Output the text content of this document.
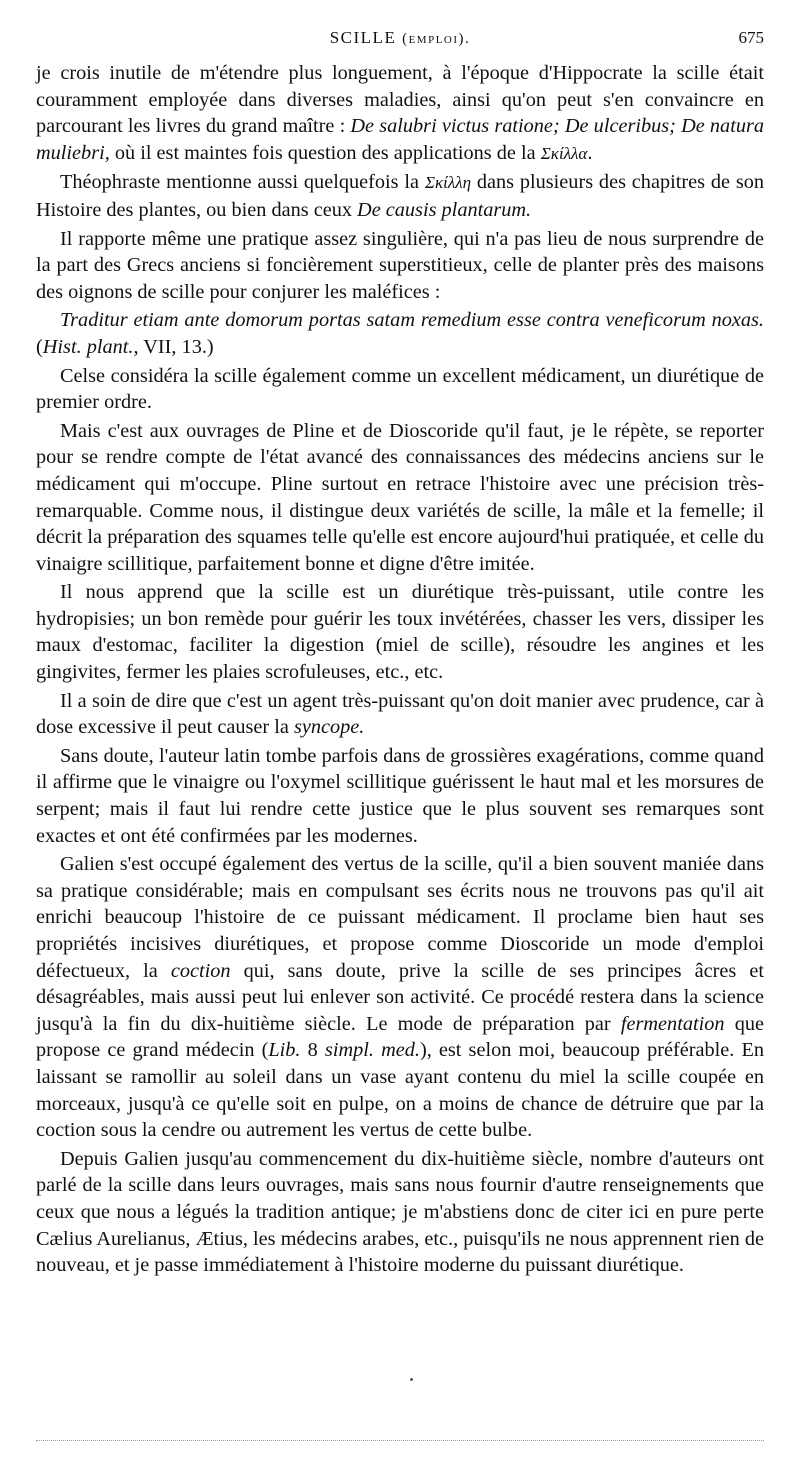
SCILLE (emploi).	675

je crois inutile de m'étendre plus longuement, à l'époque d'Hippocrate la scille était couramment employée dans diverses maladies, ainsi qu'on peut s'en convaincre en parcourant les livres du grand maître : De salubri victus ratione; De ulceribus; De natura muliebri, où il est maintes fois question des applications de la Σκίλλα.

Théophraste mentionne aussi quelquefois la Σκίλλη dans plusieurs des chapitres de son Histoire des plantes, ou bien dans ceux De causis plantarum.

Il rapporte même une pratique assez singulière, qui n'a pas lieu de nous surprendre de la part des Grecs anciens si foncièrement superstitieux, celle de planter près des maisons des oignons de scille pour conjurer les maléfices :

Traditur etiam ante domorum portas satam remedium esse contra veneficorum noxas. (Hist. plant., VII, 13.)

Celse considéra la scille également comme un excellent médicament, un diurétique de premier ordre.

Mais c'est aux ouvrages de Pline et de Dioscoride qu'il faut, je le répète, se reporter pour se rendre compte de l'état avancé des connaissances des médecins anciens sur le médicament qui m'occupe. Pline surtout en retrace l'histoire avec une précision très-remarquable. Comme nous, il distingue deux variétés de scille, la mâle et la femelle; il décrit la préparation des squames telle qu'elle est encore aujourd'hui pratiquée, et celle du vinaigre scillitique, parfaitement bonne et digne d'être imitée.

Il nous apprend que la scille est un diurétique très-puissant, utile contre les hydropisies; un bon remède pour guérir les toux invétérées, chasser les vers, dissiper les maux d'estomac, faciliter la digestion (miel de scille), résoudre les angines et les gingivites, fermer les plaies scrofuleuses, etc., etc.

Il a soin de dire que c'est un agent très-puissant qu'on doit manier avec prudence, car à dose excessive il peut causer la syncope.

Sans doute, l'auteur latin tombe parfois dans de grossières exagérations, comme quand il affirme que le vinaigre ou l'oxymel scillitique guérissent le haut mal et les morsures de serpent; mais il faut lui rendre cette justice que le plus souvent ses remarques sont exactes et ont été confirmées par les modernes.

Galien s'est occupé également des vertus de la scille, qu'il a bien souvent maniée dans sa pratique considérable; mais en compulsant ses écrits nous ne trouvons pas qu'il ait enrichi beaucoup l'histoire de ce puissant médicament. Il proclame bien haut ses propriétés incisives diurétiques, et propose comme Dioscoride un mode d'emploi défectueux, la coction qui, sans doute, prive la scille de ses principes âcres et désagréables, mais aussi peut lui enlever son activité. Ce procédé restera dans la science jusqu'à la fin du dix-huitième siècle. Le mode de préparation par fermentation que propose ce grand médecin (Lib. 8 simpl. med.), est selon moi, beaucoup préférable. En laissant se ramollir au soleil dans un vase ayant contenu du miel la scille coupée en morceaux, jusqu'à ce qu'elle soit en pulpe, on a moins de chance de détruire que par la coction sous la cendre ou autrement les vertus de cette bulbe.

Depuis Galien jusqu'au commencement du dix-huitième siècle, nombre d'auteurs ont parlé de la scille dans leurs ouvrages, mais sans nous fournir d'autre renseignements que ceux que nous a légués la tradition antique; je m'abstiens donc de citer ici en pure perte Cælius Aurelianus, Ætius, les médecins arabes, etc., puisqu'ils ne nous apprennent rien de nouveau, et je passe immédiatement à l'histoire moderne du puissant diurétique.
